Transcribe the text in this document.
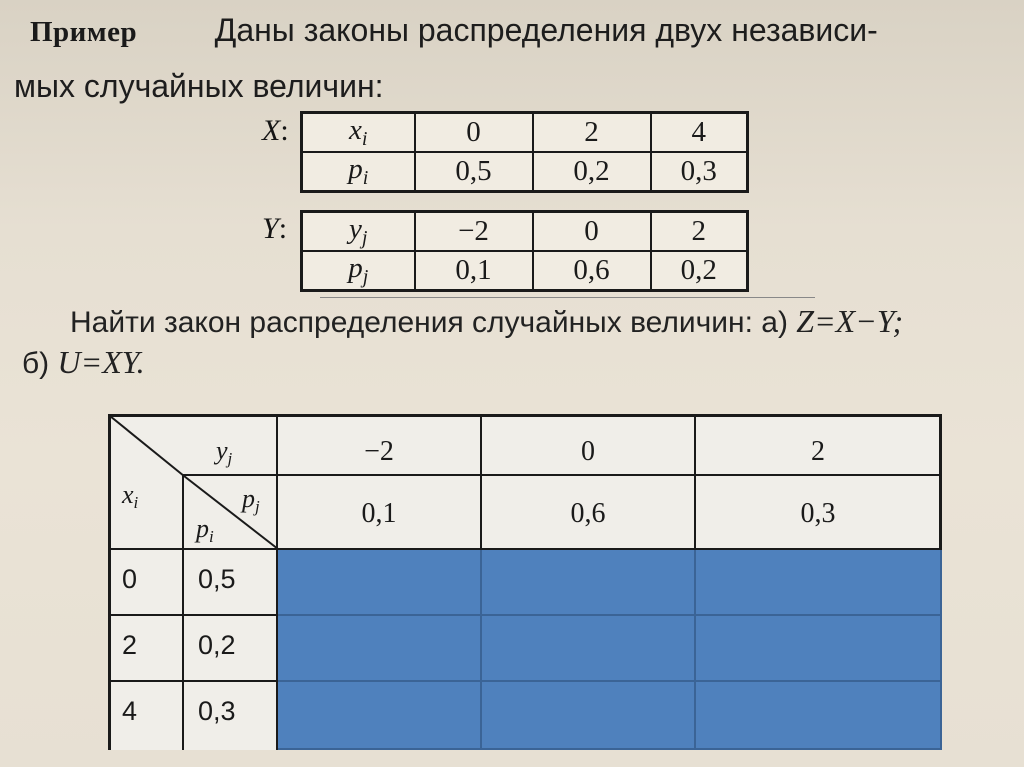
Пример Даны законы распределения двух независи-
мых случайных величин:
X: $x_i$	0	2	4
$p_i$	0,5	0,2	0,3
Y: $y_j$	−2	0	2
$p_j$	0,1	0,6	0,2
Найти закон распределения случайных величин: а) Z=X−Y;
б) U=XY.
$y_j$
$p_j$
$x_i$
$p_i$
−2	0	2
0,1	0,6	0,3
0 0,5
2 0,2
4 0,3
